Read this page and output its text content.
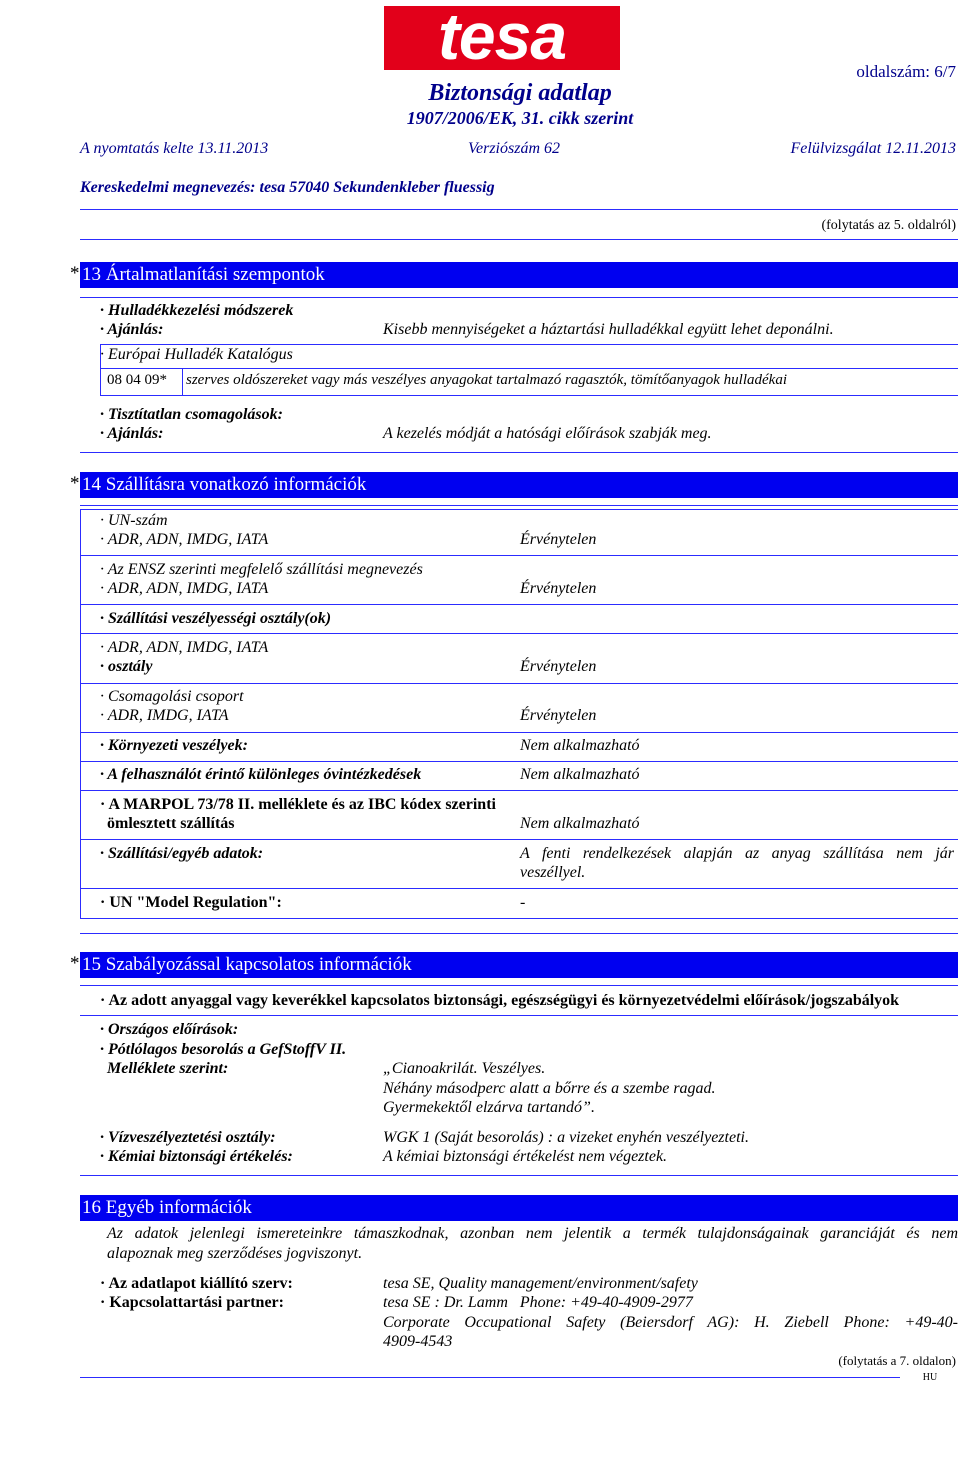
tesa
Biztonsági adatlap
1907/2006/EK, 31. cikk szerint
oldalszám: 6/7
A nyomtatás kelte 13.11.2013	Verziószám 62	Felülvizsgálat 12.11.2013
Kereskedelmi megnevezés: tesa 57040 Sekundenkleber fluessig
(folytatás az 5. oldalról)
* 13 Ártalmatlanítási szempontok
· Hulladékkezelési módszerek
· Ajánlás:	Kisebb mennyiségeket a háztartási hulladékkal együtt lehet deponálni.
· Európai Hulladék Katalógus
08 04 09* szerves oldószereket vagy más veszélyes anyagokat tartalmazó ragasztók, tömítőanyagok hulladékai
· Tisztítatlan csomagolások:
· Ajánlás:	A kezelés módját a hatósági előírások szabják meg.
* 14 Szállításra vonatkozó információk
· UN-szám
· ADR, ADN, IMDG, IATA	Érvénytelen
· Az ENSZ szerinti megfelelő szállítási megnevezés
· ADR, ADN, IMDG, IATA	Érvénytelen
· Szállítási veszélyességi osztály(ok)
· ADR, ADN, IMDG, IATA
· osztály	Érvénytelen
· Csomagolási csoport
· ADR, IMDG, IATA	Érvénytelen
· Környezeti veszélyek:	Nem alkalmazható
· A felhasználót érintő különleges óvintézkedések	Nem alkalmazható
· A MARPOL 73/78 II. melléklete és az IBC kódex szerinti
ömlesztett szállítás	Nem alkalmazható
· Szállítási/egyéb adatok:	A fenti rendelkezések alapján az anyag szállítása nem jár
veszéllyel.
· UN "Model Regulation":	-
* 15 Szabályozással kapcsolatos információk
· Az adott anyaggal vagy keverékkel kapcsolatos biztonsági, egészségügyi és környezetvédelmi előírások/jogszabályok
· Országos előírások:
· Pótlólagos besorolás a GefStoffV II.
Melléklete szerint:	„Cianoakrilát. Veszélyes.
Néhány másodperc alatt a bőrre és a szembe ragad.
Gyermekektől elzárva tartandó”.
· Vízveszélyeztetési osztály:	WGK 1 (Saját besorolás) : a vizeket enyhén veszélyezteti.
· Kémiai biztonsági értékelés:	A kémiai biztonsági értékelést nem végeztek.
16 Egyéb információk
Az adatok jelenlegi ismereteinkre támaszkodnak, azonban nem jelentik a termék tulajdonságainak garanciáját és nem
alapoznak meg szerződéses jogviszonyt.
· Az adatlapot kiállító szerv:	tesa SE, Quality management/environment/safety
· Kapcsolattartási partner:	tesa SE : Dr. Lamm   Phone: +49-40-4909-2977
Corporate Occupational Safety (Beiersdorf AG): H. Ziebell Phone: +49-40-
4909-4543
(folytatás a 7. oldalon)
HU
